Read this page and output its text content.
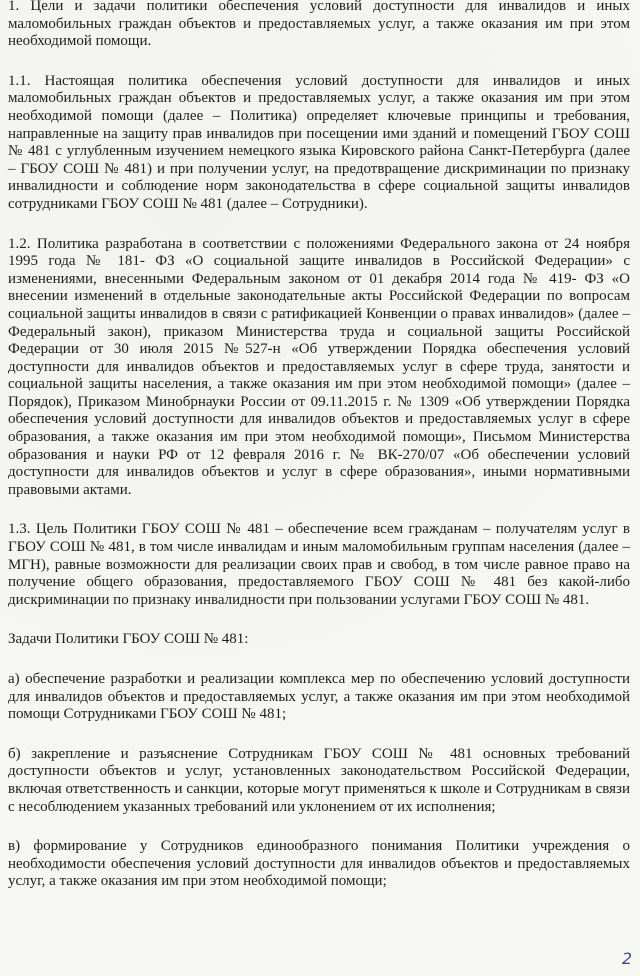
1. Цели и задачи политики обеспечения условий доступности для инвалидов и иных маломобильных граждан объектов и предоставляемых услуг, а также оказания им при этом необходимой помощи.

1.1. Настоящая политика обеспечения условий доступности для инвалидов и иных маломобильных граждан объектов и предоставляемых услуг, а также оказания им при этом необходимой помощи (далее – Политика) определяет ключевые принципы и требования, направленные на защиту прав инвалидов при посещении ими зданий и помещений ГБОУ СОШ № 481 с углубленным изучением немецкого языка Кировского района Санкт-Петербурга (далее – ГБОУ СОШ № 481) и при получении услуг, на предотвращение дискриминации по признаку инвалидности и соблюдение норм законодательства в сфере социальной защиты инвалидов сотрудниками ГБОУ СОШ № 481 (далее – Сотрудники).

1.2. Политика разработана в соответствии с положениями Федерального закона от 24 ноября 1995 года № 181- ФЗ «О социальной защите инвалидов в Российской Федерации» с изменениями, внесенными Федеральным законом от 01 декабря 2014 года № 419- ФЗ «О внесении изменений в отдельные законодательные акты Российской Федерации по вопросам социальной защиты инвалидов в связи с ратификацией Конвенции о правах инвалидов» (далее – Федеральный закон), приказом Министерства труда и социальной защиты Российской Федерации от 30 июля 2015 №527-н «Об утверждении Порядка обеспечения условий доступности для инвалидов объектов и предоставляемых услуг в сфере труда, занятости и социальной защиты населения, а также оказания им при этом необходимой помощи» (далее – Порядок), Приказом Минобрнауки России от 09.11.2015 г. № 1309 «Об утверждении Порядка обеспечения условий доступности для инвалидов объектов и предоставляемых услуг в сфере образования, а также оказания им при этом необходимой помощи», Письмом Министерства образования и науки РФ от 12 февраля 2016 г. № ВК-270/07 «Об обеспечении условий доступности для инвалидов объектов и услуг в сфере образования», иными нормативными правовыми актами.

1.3. Цель Политики ГБОУ СОШ № 481 – обеспечение всем гражданам – получателям услуг в ГБОУ СОШ № 481, в том числе инвалидам и иным маломобильным группам населения (далее – МГН), равные возможности для реализации своих прав и свобод, в том числе равное право на получение общего образования, предоставляемого ГБОУ СОШ № 481 без какой-либо дискриминации по признаку инвалидности при пользовании услугами ГБОУ СОШ № 481.

Задачи Политики ГБОУ СОШ № 481:

а) обеспечение разработки и реализации комплекса мер по обеспечению условий доступности для инвалидов объектов и предоставляемых услуг, а также оказания им при этом необходимой помощи Сотрудниками ГБОУ СОШ № 481;

б) закрепление и разъяснение Сотрудникам ГБОУ СОШ № 481 основных требований доступности объектов и услуг, установленных законодательством Российской Федерации, включая ответственность и санкции, которые могут применяться к школе и Сотрудникам в связи с несоблюдением указанных требований или уклонением от их исполнения;

в) формирование у Сотрудников единообразного понимания Политики учреждения о необходимости обеспечения условий доступности для инвалидов объектов и предоставляемых услуг, а также оказания им при этом необходимой помощи;

2
